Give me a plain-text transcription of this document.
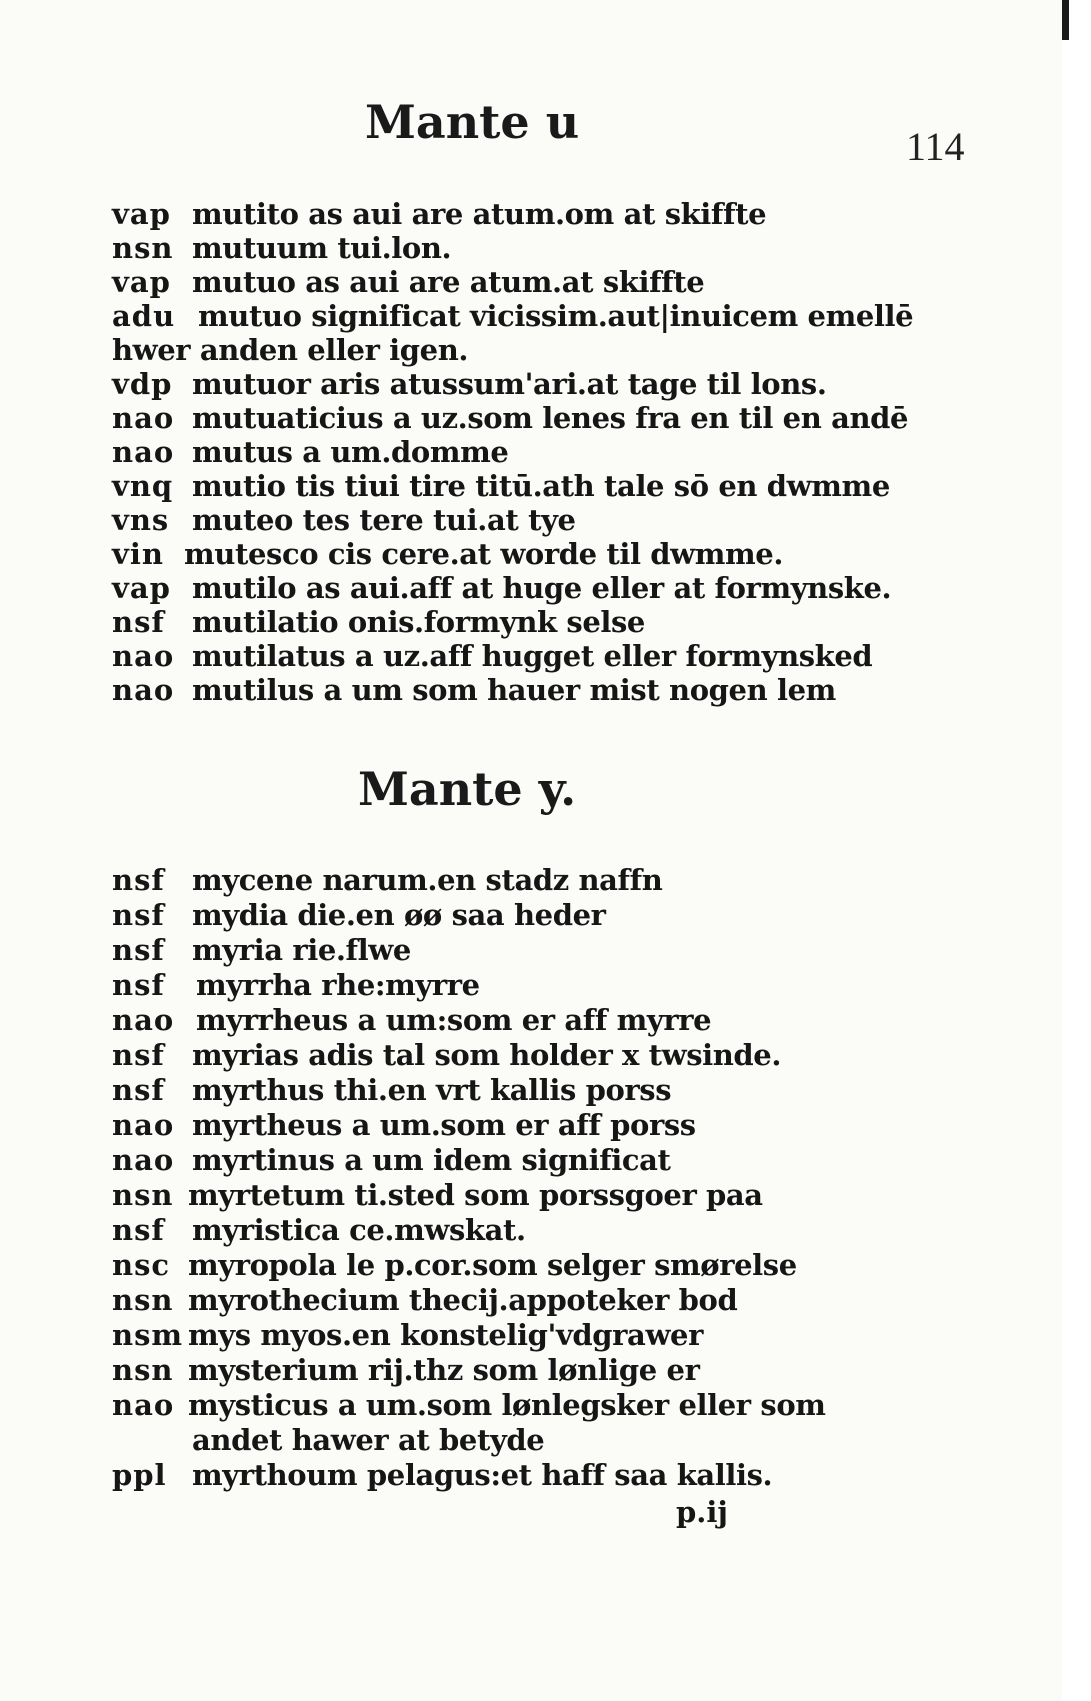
Mante u	114
vap mutito as aui are atum.om at skiffte
nsn mutuum tui.lon.
vap mutuo as aui are atum.at skiffte
adu mutuo significat vicissim.aut|inuicem emellē
hwer anden eller igen.
vdp mutuor aris atussum'ari.at tage til lons.
nao mutuaticius a uz.som lenes fra en til en andē
nao mutus a um.domme
vnq mutio tis tiui tire titū.ath tale sō en dwmme
vns muteo tes tere tui.at tye
vin mutesco cis cere.at worde til dwmme.
vap mutilo as aui.aff at huge eller at formynske.
nsf mutilatio onis.formynk selse
nao mutilatus a uz.aff hugget eller formynsked
nao mutilus a um som hauer mist nogen lem
Mante y.
nsf mycene narum.en stadz naffn
nsf mydia die.en øø saa heder
nsf myria rie.flwe
nsf	myrrha rhe:myrre
nao myrrheus a um:som er aff myrre
nsf myrias adis tal som holder x twsinde.
nsf myrthus thi.en vrt kallis porss
nao myrtheus a um.som er aff porss
nao myrtinus a um idem significat
nsn myrtetum ti.sted som porssgoer paa
nsf myristica ce.mwskat.
nsc myropola le p.cor.som selger smørelse
nsn myrothecium thecij.appoteker bod
nsm mys myos.en konstelig'vdgrawer
nsn mysterium rij.thz som lønlige er
nao mysticus a um.som lønlegsker eller som
andet hawer at betyde
ppl myrthoum pelagus:et haff saa kallis.
p.ij
